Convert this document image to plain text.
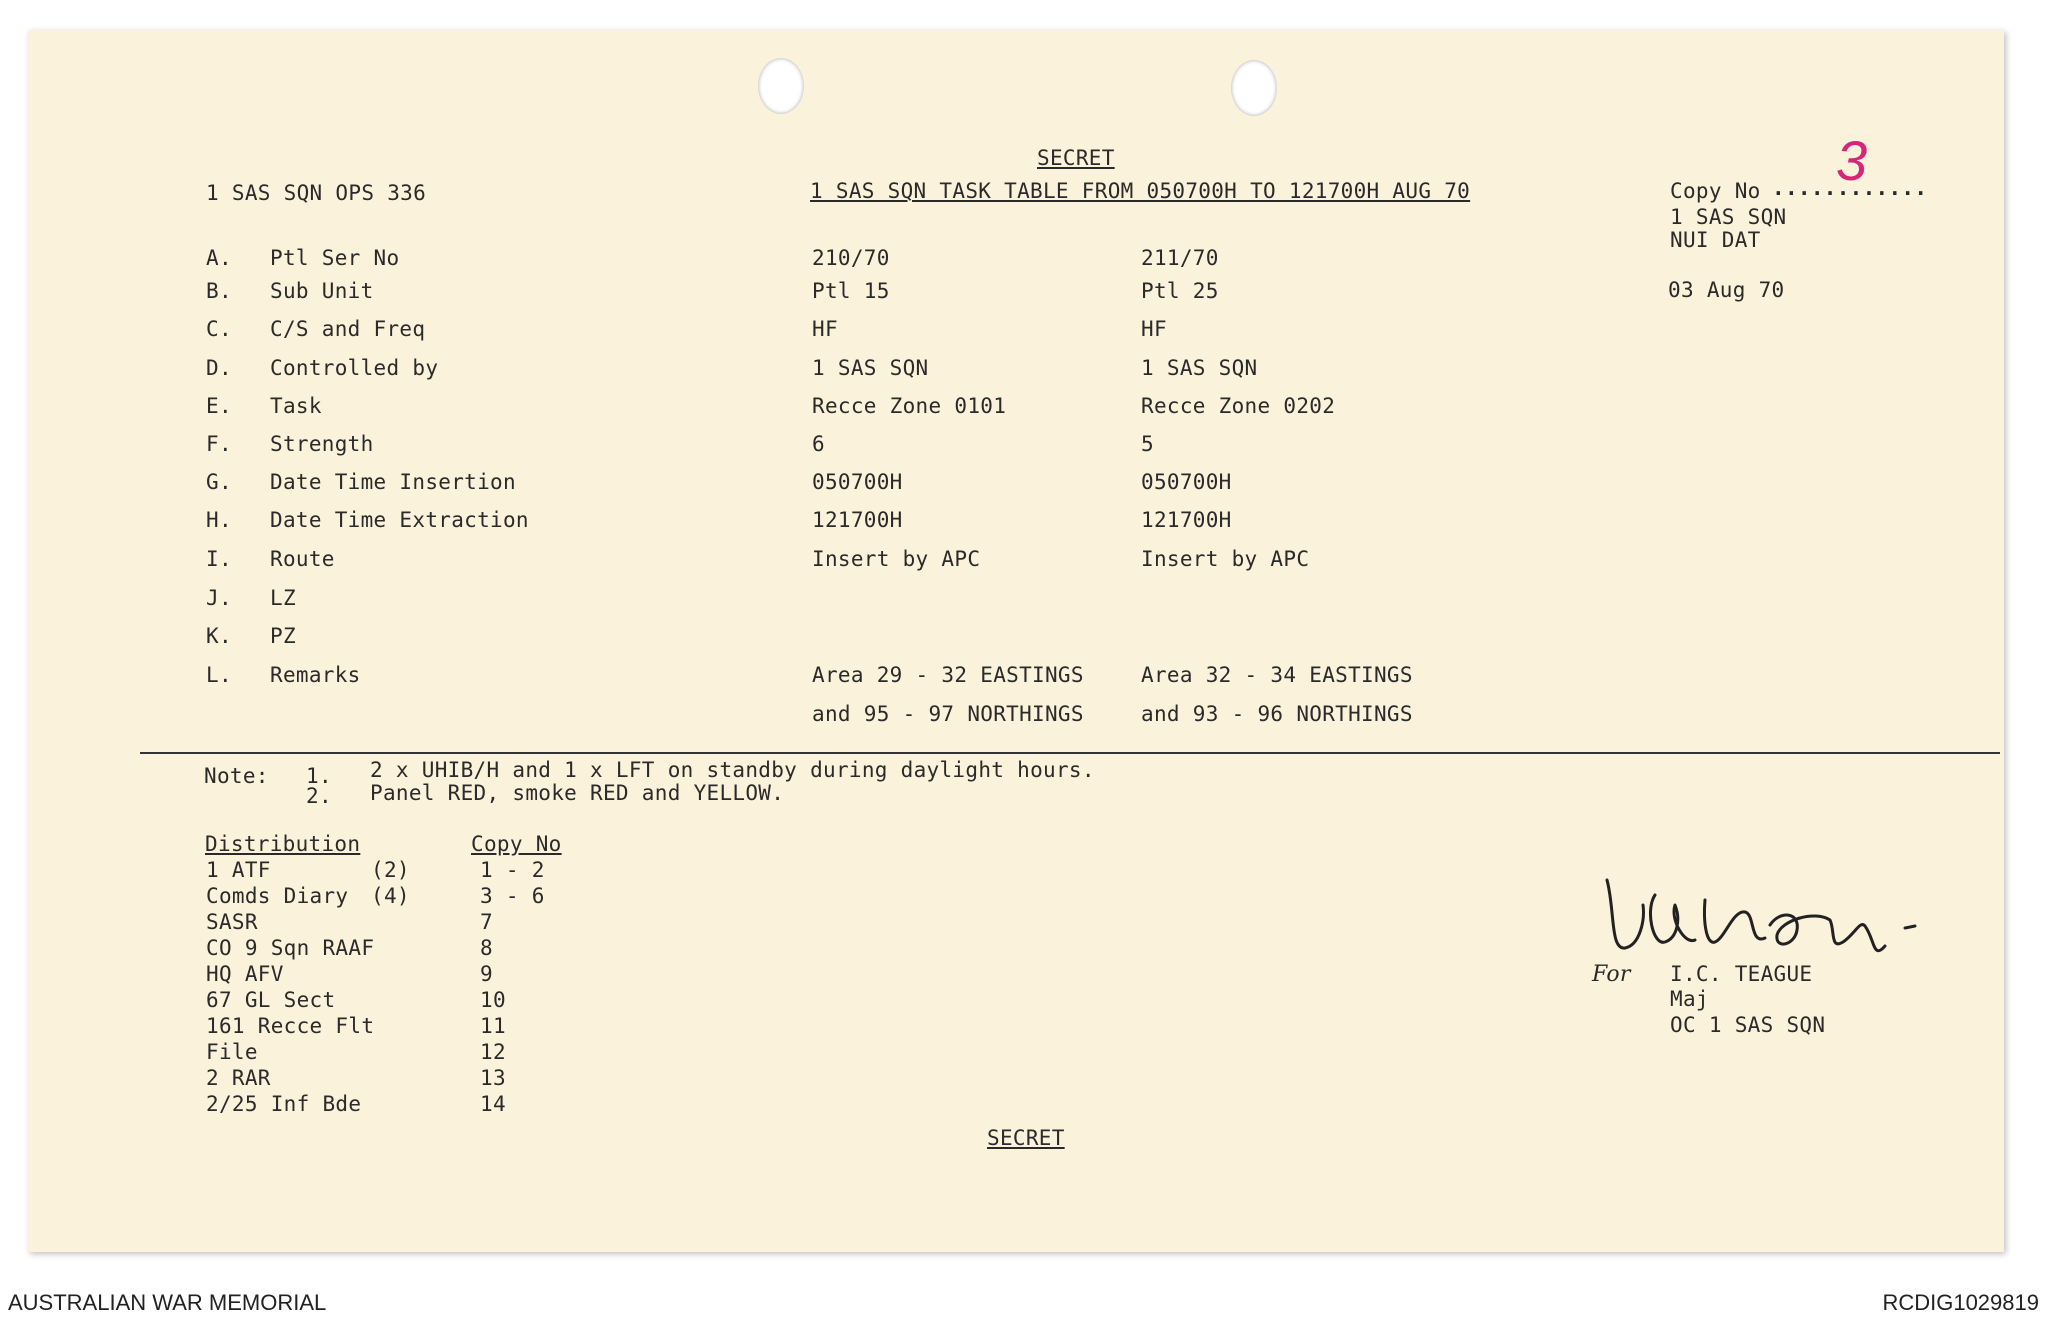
SECRET
1 SAS SQN OPS 336	1 SAS SQN TASK TABLE FROM 050700H TO 121700H AUG 70	Copy No ............
3
1 SAS SQN
NUI DAT
03 Aug 70
A. Ptl Ser No	210/70	211/70
B. Sub Unit	Ptl 15	Ptl 25
C. C/S and Freq	HF	HF
D. Controlled by	1 SAS SQN	1 SAS SQN
E. Task	Recce Zone 0101	Recce Zone 0202
F. Strength	6	5
G. Date Time Insertion	050700H	050700H
H. Date Time Extraction	121700H	121700H
I. Route	Insert by APC	Insert by APC
J. LZ
K. PZ
L. Remarks	Area 29 - 32 EASTINGS	Area 32 - 34 EASTINGS
and 95 - 97 NORTHINGS	and 93 - 96 NORTHINGS
Note: 1. 2 x UHIB/H and 1 x LFT on standby during daylight hours.
2. Panel RED, smoke RED and YELLOW.
Distribution	Copy No
1 ATF	(2)	1 - 2
Comds Diary (4)	3 - 6
SASR	7
CO 9 Sqn RAAF	8
HQ AFV	9
67 GL Sect	10
161 Recce Flt	11
File	12
2 RAR	13
2/25 Inf Bde	14
For I.C. TEAGUE
Maj
OC 1 SAS SQN
SECRET
AUSTRALIAN WAR MEMORIAL	RCDIG1029819
